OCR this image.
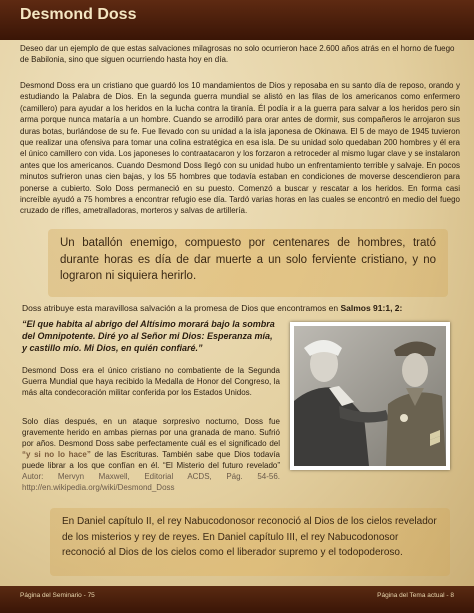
Desmond Doss

Deseo dar un ejemplo de que estas salvaciones milagrosas no solo ocurrieron hace 2.600 años atrás en el horno de fuego de Babilonia, sino que siguen ocurriendo hasta hoy en día.

Desmond Doss era un cristiano que guardó los 10 mandamientos de Dios y reposaba en su santo día de reposo, orando y estudiando la Palabra de Dios. En la segunda guerra mundial se alistó en las filas de los americanos como enfermero (camillero) para ayudar a los heridos en la lucha contra la tiranía. Él podía ir a la guerra para salvar a los heridos pero sin arma porque nunca mataría a un hombre. Cuando se arrodilló para orar antes de dormir, sus compañeros le arrojaron sus duras botas, burlándose de su fe. Fue llevado con su unidad a la isla japonesa de Okinawa. El 5 de mayo de 1945 tuvieron que realizar una ofensiva para tomar una colina estratégica en esa isla. De su unidad solo quedaban 200 hombres y él era el único camillero con vida. Los japoneses lo contraatacaron y los forzaron a retroceder al mismo lugar clave y se instalaron antes que los americanos. Cuando Desmond Doss llegó con su unidad hubo un enfrentamiento terrible y salvaje. En pocos minutos sufrieron unas cien bajas, y los 55 hombres que todavía estaban en condiciones de moverse descendieron para ponerse a cubierto. Solo Doss permaneció en su puesto. Comenzó a buscar y rescatar a los heridos. En forma casi increíble ayudó a 75 hombres a encontrar refugio ese día. Tardó varias horas en las cuales se encontró en medio del fuego cruzado de rifles, ametralladoras, morteros y salvas de artillería.

Un batallón enemigo, compuesto por centenares de hombres, trató durante horas es día de dar muerte a un solo ferviente cristiano, y no lograron ni siquiera herirlo.

Doss atribuye esta maravillosa salvación a la promesa de Dios que encontramos en Salmos 91:1, 2:

“El que habita al abrigo del Altísimo morará bajo la sombra del Omnipotente. Diré yo al Señor mi Dios: Esperanza mía, y castillo mío. Mi Dios, en quién confiaré.”

Desmond Doss era el único cristiano no combatiente de la Segunda Guerra Mundial que haya recibido la Medalla de Honor del Congreso, la más alta condecoración militar conferida por los Estados Unidos.

Solo días después, en un ataque sorpresivo nocturno, Doss fue gravemente herido en ambas piernas por una granada de mano. Sufrió por años. Desmond Doss sabe perfectamente cuál es el significado del “y si no lo hace” de las Escrituras. También sabe que Dios todavía puede librar a los que confían en él. “El Misterio del futuro revelado” Autor: Mervyn Maxwell, Editorial ACDS, Pág. 54-56. http://en.wikipedia.org/wiki/Desmond_Doss

En Daniel capítulo II, el rey Nabucodonosor reconoció al Dios de los cielos revelador de los misterios y rey de reyes. En Daniel capítulo III, el rey Nabucodonosor reconoció al Dios de los cielos como el liberador supremo y el todopoderoso.

Página del Seminario - 75	Página del Tema actual - 8
